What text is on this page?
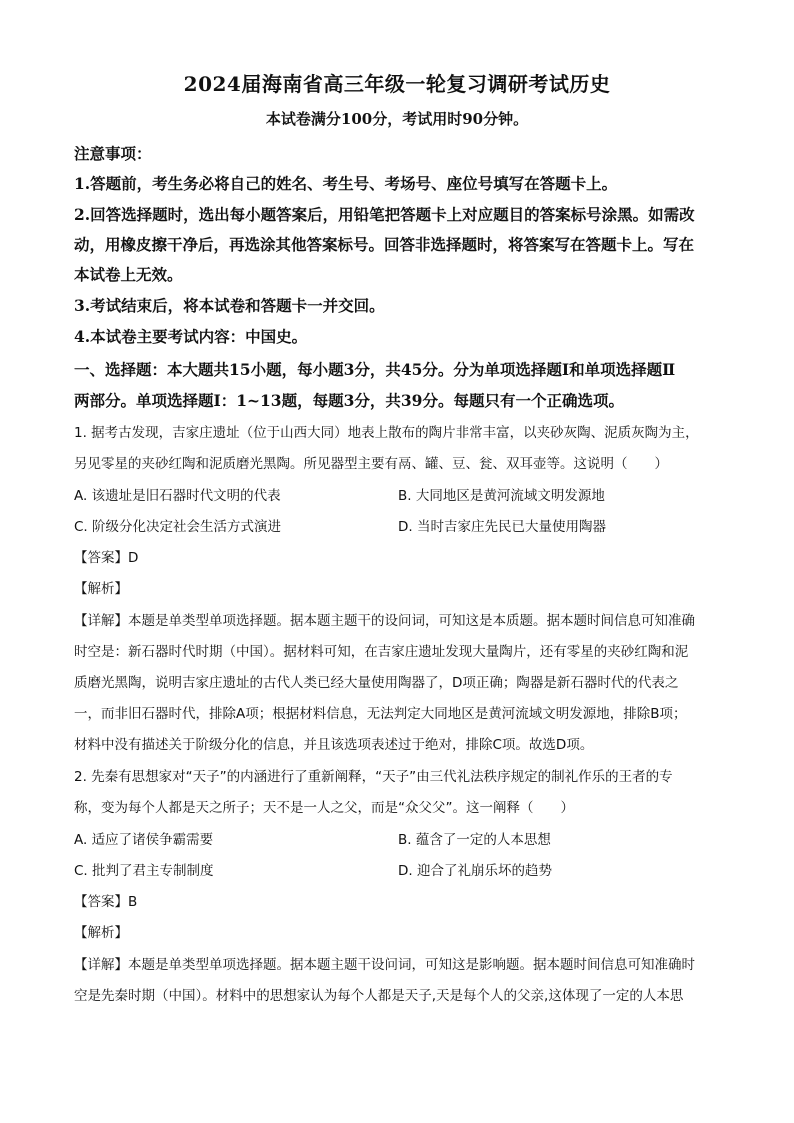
2024届海南省高三年级一轮复习调研考试历史
本试卷满分100分，考试用时90分钟。
注意事项：
1.答题前，考生务必将自己的姓名、考生号、考场号、座位号填写在答题卡上。
2.回答选择题时，选出每小题答案后，用铅笔把答题卡上对应题目的答案标号涂黑。如需改
动，用橡皮擦干净后，再选涂其他答案标号。回答非选择题时，将答案写在答题卡上。写在
本试卷上无效。
3.考试结束后，将本试卷和答题卡一并交回。
4.本试卷主要考试内容：中国史。
一、选择题：本大题共15小题，每小题3分，共45分。分为单项选择题Ⅰ和单项选择题Ⅱ
两部分。单项选择题Ⅰ：1~13题，每题3分，共39分。每题只有一个正确选项。
1. 据考古发现，吉家庄遗址（位于山西大同）地表上散布的陶片非常丰富，以夹砂灰陶、泥质灰陶为主，
另见零星的夹砂红陶和泥质磨光黑陶。所见器型主要有鬲、罐、豆、瓮、双耳壶等。这说明（　　）
A. 该遗址是旧石器时代文明的代表	B. 大同地区是黄河流域文明发源地
C. 阶级分化决定社会生活方式演进	D. 当时吉家庄先民已大量使用陶器
【答案】D
【解析】
【详解】本题是单类型单项选择题。据本题主题干的设问词，可知这是本质题。据本题时间信息可知准确
时空是：新石器时代时期（中国）。据材料可知，在吉家庄遗址发现大量陶片，还有零星的夹砂红陶和泥
质磨光黑陶，说明吉家庄遗址的古代人类已经大量使用陶器了，D项正确；陶器是新石器时代的代表之
一，而非旧石器时代，排除A项；根据材料信息，无法判定大同地区是黄河流域文明发源地，排除B项；
材料中没有描述关于阶级分化的信息，并且该选项表述过于绝对，排除C项。故选D项。
2. 先秦有思想家对“天子”的内涵进行了重新阐释，“天子”由三代礼法秩序规定的制礼作乐的王者的专
称，变为每个人都是天之所子；天不是一人之父，而是“众父父”。这一阐释（　　）
A. 适应了诸侯争霸需要	B. 蕴含了一定的人本思想
C. 批判了君主专制制度	D. 迎合了礼崩乐坏的趋势
【答案】B
【解析】
【详解】本题是单类型单项选择题。据本题主题干设问词，可知这是影响题。据本题时间信息可知准确时
空是先秦时期（中国）。材料中的思想家认为每个人都是天子,天是每个人的父亲,这体现了一定的人本思
